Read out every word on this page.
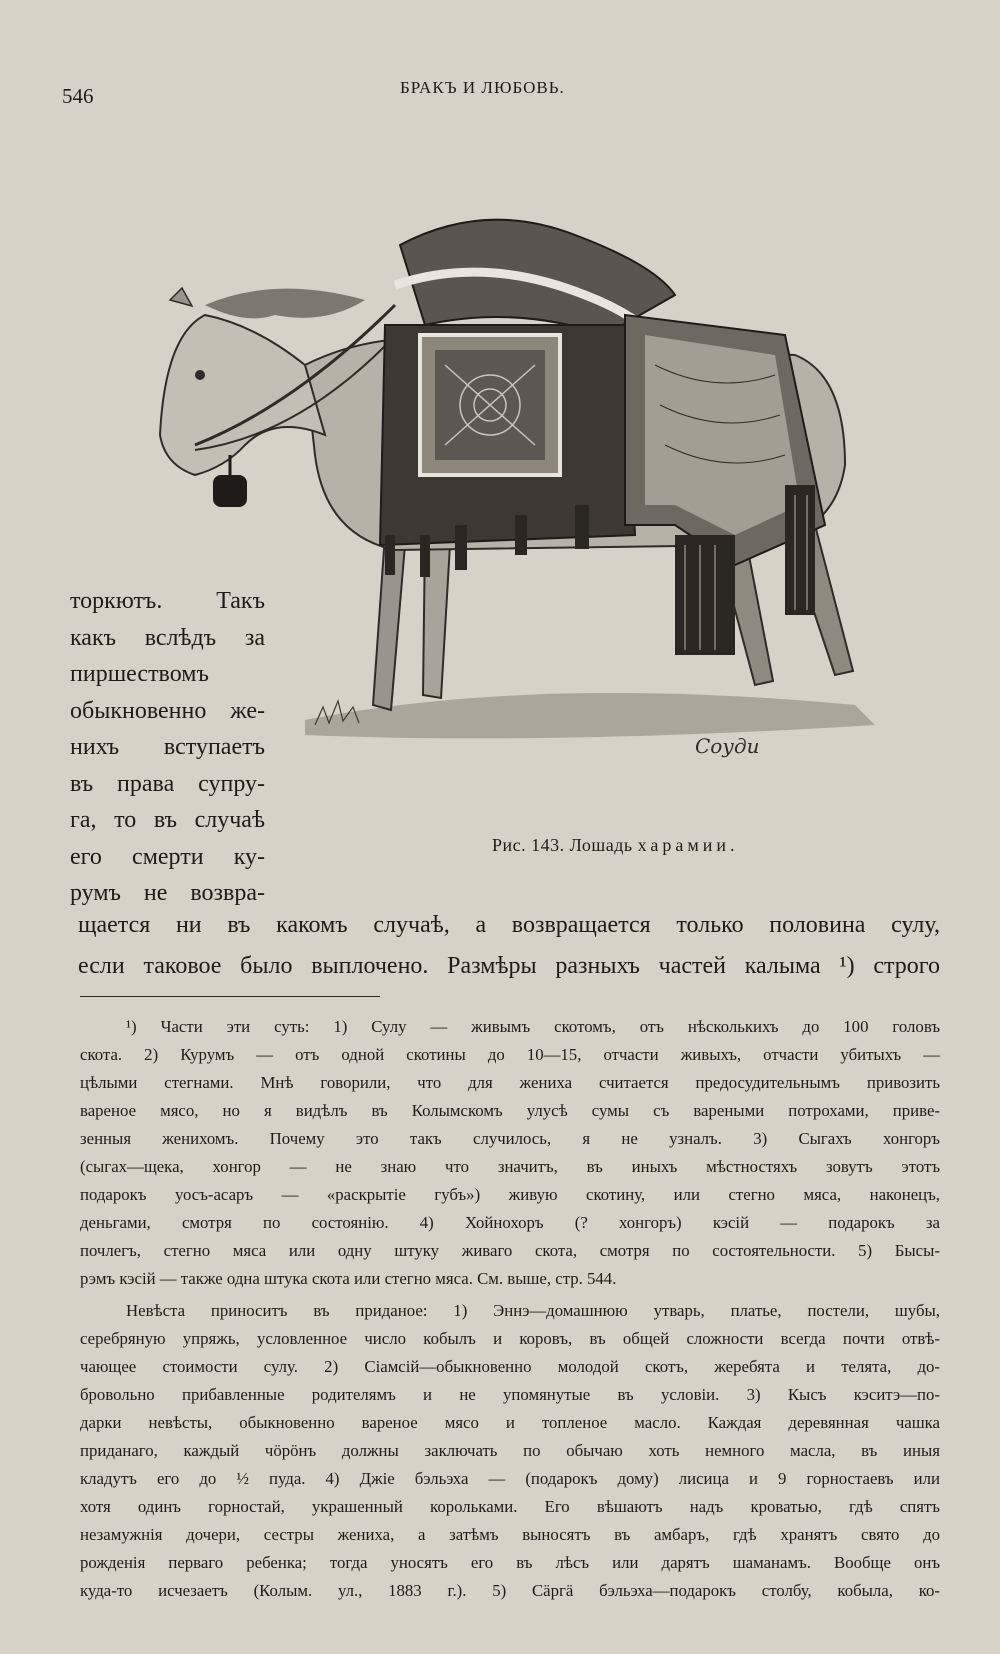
546	БРАКЪ И ЛЮБОВЬ.
Сoуди
Рис. 143. Лошадь харамии.
торкютъ. Такъ
какъ вслѣдъ за
пиршествомъ
обыкновенно же-
нихъ вступаетъ
въ права супру-
га, то въ случаѣ
его смерти ку-
румъ не возвра-
щается ни въ какомъ случаѣ, а возвращается только половина сулу,
если таковое было выплочено. Размѣры разныхъ частей калыма ¹) строго
¹) Части эти суть: 1) Сулу — живымъ скотомъ, отъ нѣсколькихъ до 100 головъ
скота. 2) Курумъ — отъ одной скотины до 10—15, отчасти живыхъ, отчасти убитыхъ —
цѣлыми стегнами. Мнѣ говорили, что для жениха считается предосудительнымъ привозить
вареное мясо, но я видѣлъ въ Колымскомъ улусѣ сумы съ вареными потрохами, приве-
зенныя женихомъ. Почему это такъ случилось, я не узналъ. 3) Сыгахъ хонгоръ
(сыгах—щека, хонгор — не знаю что значитъ, въ иныхъ мѣстностяхъ зовутъ этотъ
подарокъ уосъ-асаръ — «раскрытіе губъ») живую скотину, или стегно мяса, наконецъ,
деньгами, смотря по состоянію. 4) Хойнохоръ (? хонгоръ) кэсій — подарокъ за
почлегъ, стегно мяса или одну штуку живаго скота, смотря по состоятельности. 5) Бысы-
рэмъ кэсій — также одна штука скота или стегно мяса. См. выше, стр. 544.
Невѣста приноситъ въ приданое: 1) Эннэ—домашнюю утварь, платье, постели, шубы,
серебряную упряжь, условленное число кобылъ и коровъ, въ общей сложности всегда почти отвѣ-
чающее стоимости сулу. 2) Сіамсій—обыкновенно молодой скотъ, жеребята и телята, до-
бровольно прибавленные родителямъ и не упомянутые въ условіи. 3) Кысъ кэситэ—по-
дарки невѣсты, обыкновенно вареное мясо и топленое масло. Каждая деревянная чашка
приданаго, каждый чöрöнъ должны заключать по обычаю хоть немного масла, въ иныя
кладутъ его до ½ пуда. 4) Джіе бэльэха — (подарокъ дому) лисица и 9 горностаевъ или
хотя одинъ горностай, украшенный корольками. Его вѣшаютъ надъ кроватью, гдѣ спятъ
незамужнія дочери, сестры жениха, а затѣмъ выносятъ въ амбаръ, гдѣ хранятъ свято до
рожденія перваго ребенка; тогда уносятъ его въ лѣсъ или дарятъ шаманамъ. Вообще онъ
куда-то исчезаетъ (Колым. ул., 1883 г.). 5) Сäргä бэльэха—подарокъ столбу, кобыла, ко-
